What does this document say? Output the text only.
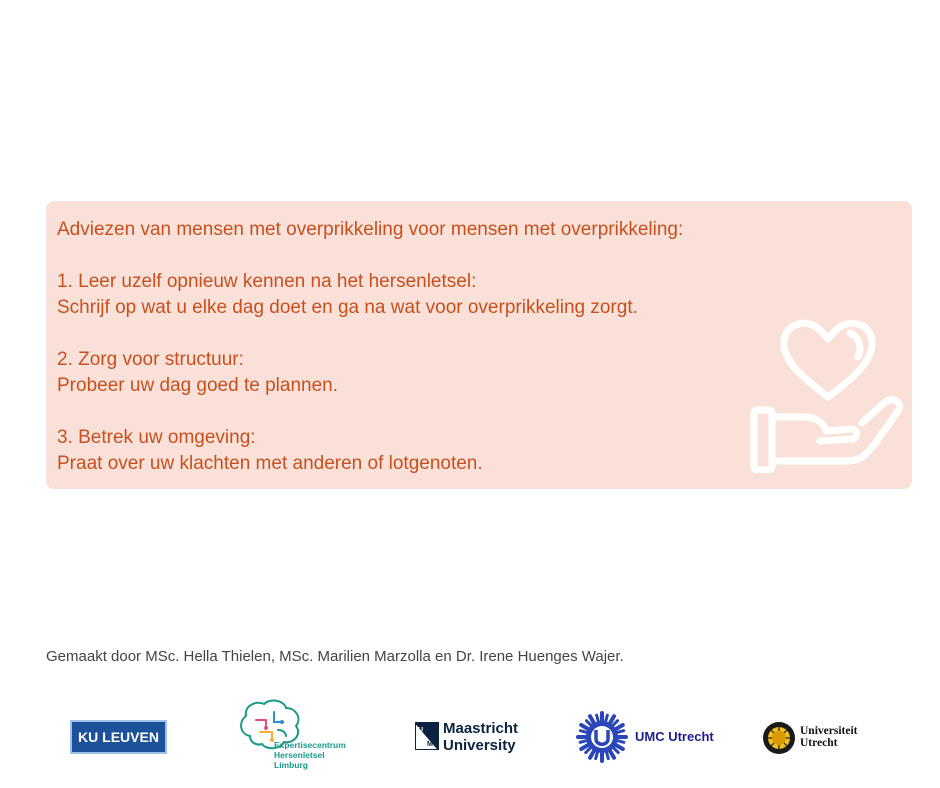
Adviezen van mensen met overprikkeling voor mensen met overprikkeling:

1. Leer uzelf opnieuw kennen na het hersenletsel:

Schrijf op wat u elke dag doet en ga na wat voor overprikkeling zorgt.

2. Zorg voor structuur:

Probeer uw dag goed te plannen.

3. Betrek uw omgeving:

Praat over uw klachten met anderen of lotgenoten.

Gemaakt door MSc. Hella Thielen, MSc. Marilien Marzolla en Dr. Irene Huenges Wajer.

KU LEUVEN	Expertisecentrum
Hersenletsel
Limburg
U
M
Maastricht
University
UMC Utrecht	Universiteit
Utrecht
